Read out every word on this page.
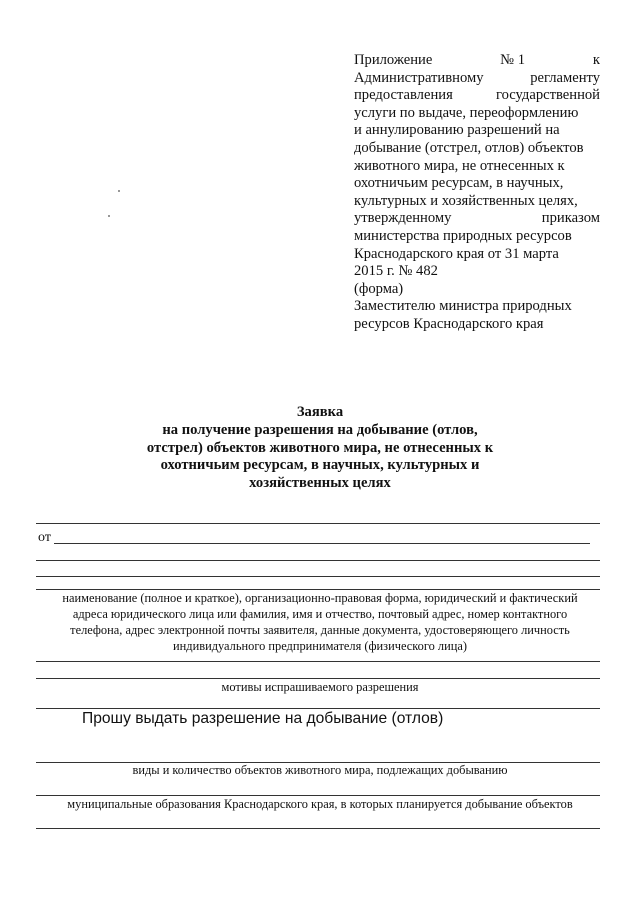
Приложение	№ 1	к
Административному	регламенту
предоставления	государственной
услуги по выдаче, переоформлению
и аннулированию разрешений на
добывание (отстрел, отлов) объектов
животного мира, не отнесенных к
охотничьим ресурсам, в научных,
культурных и хозяйственных целях,
утвержденному	приказом
министерства природных ресурсов
Краснодарского края от 31 марта
2015 г. № 482
(форма)
Заместителю министра природных
ресурсов Краснодарского края
Заявка
на получение разрешения на добывание (отлов,
отстрел) объектов животного мира, не отнесенных к
охотничьим ресурсам, в научных, культурных и
хозяйственных целях
от
наименование (полное и краткое), организационно-правовая форма, юридический и фактический
адреса юридического лица или фамилия, имя и отчество, почтовый адрес, номер контактного
телефона, адрес электронной почты заявителя, данные документа, удостоверяющего личность
индивидуального предпринимателя (физического лица)
мотивы испрашиваемого разрешения
Прошу выдать разрешение на добывание (отлов)
виды и количество объектов животного мира, подлежащих добыванию
муниципальные образования Краснодарского края, в которых планируется добывание объектов
